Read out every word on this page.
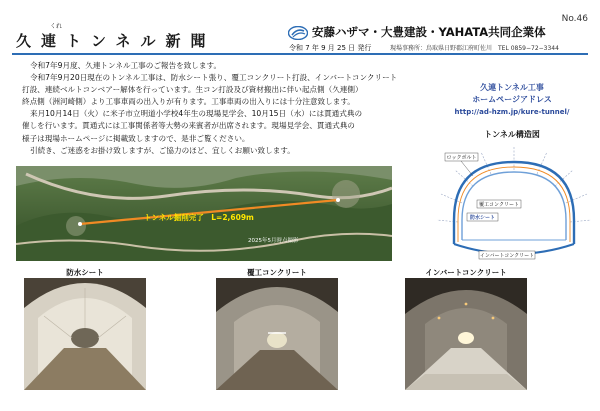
No.46
くれ
久連トンネル新聞	安藤ハザマ・大豊建設・YAHATA共同企業体
令和 7 年 9 月 25 日 発行	現場事務所：鳥取県日野郡江府町佐川　TEL 0859−72−3344

令和7年9月度、久連トンネル工事のご報告を致します。

令和7年9月20日現在のトンネル工事は、防水シート張り、覆工コンクリート打設、インバートコンクリート

打設、連続ベルトコンベアー解体を行っています。生コン打設及び資材搬出に伴い起点側（久連側）

終点側（洲河崎側）より工事車両の出入りが有ります。工事車両の出入りには十分注意致します。

来月10月14日（火）に米子市立明道小学校4年生の現場見学会、10月15日（水）には貫通式典の

催しを行います。貫通式には工事関係者等大勢の来賓者が出席されます。現場見学会、貫通式典の

様子は現場ホームページに掲載致しますので、是非ご覧ください。

引続き、ご迷惑をお掛け致しますが、ご協力のほど、宜しくお願い致します。

久連トンネル工事
ホームページアドレス
http://ad-hzm.jp/kure-tunnel/
トンネル構造図
ロックボルト
覆工コンクリート
防水シート
インバートコンクリート
トンネル掘削完了　L=2,609m
2025年5月時点撮影
防水シート	覆工コンクリート	インバートコンクリート
